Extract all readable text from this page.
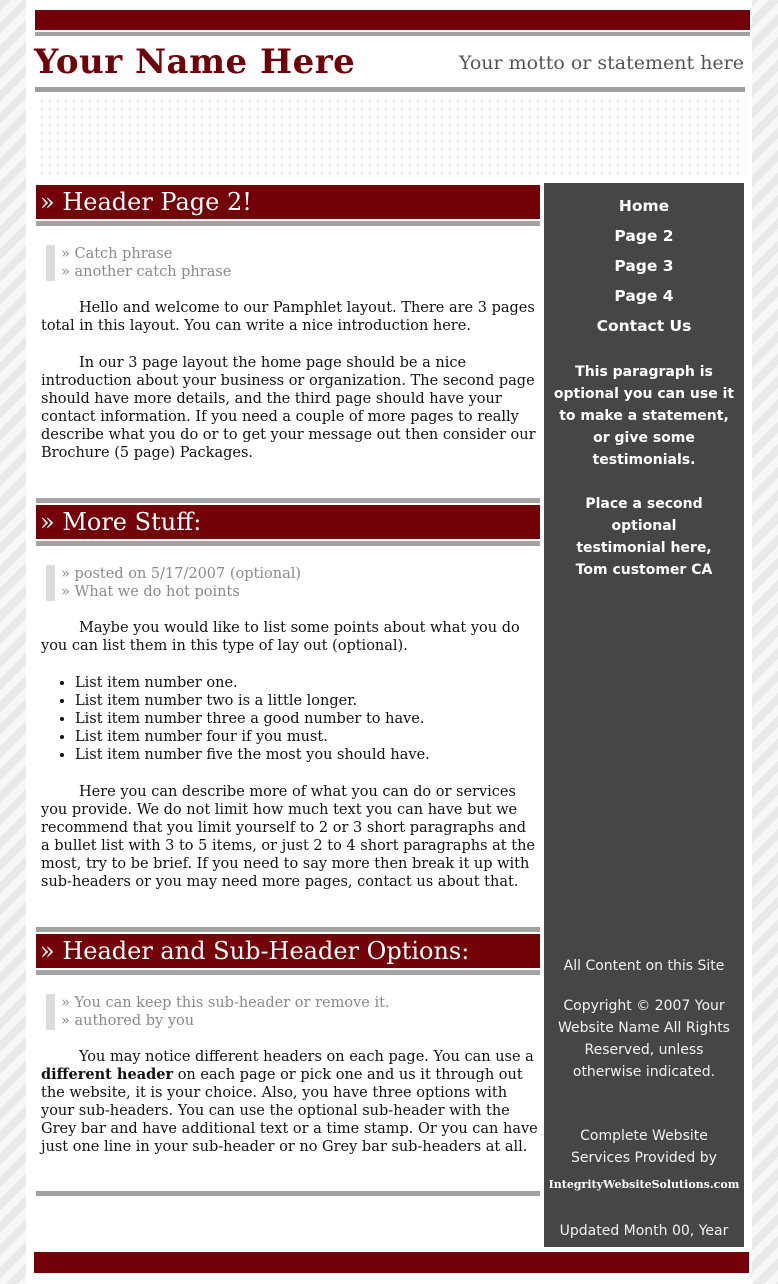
Your Name Here	Your motto or statement here
» Header Page 2!
» Catch phrase
» another catch phrase

Hello and welcome to our Pamphlet layout. There are 3 pages total in this layout. You can write a nice introduction here.

In our 3 page layout the home page should be a nice introduction about your business or organization. The second page should have more details, and the third page should have your contact information. If you need a couple of more pages to really describe what you do or to get your message out then consider our Brochure (5 page) Packages.

» More Stuff:
» posted on 5/17/2007 (optional)
» What we do hot points

Maybe you would like to list some points about what you do you can list them in this type of lay out (optional).

• List item number one.
• List item number two is a little longer.
• List item number three a good number to have.
• List item number four if you must.
• List item number five the most you should have.

Here you can describe more of what you can do or services you provide. We do not limit how much text you can have but we recommend that you limit yourself to 2 or 3 short paragraphs and a bullet list with 3 to 5 items, or just 2 to 4 short paragraphs at the most, try to be brief. If you need to say more then break it up with sub-headers or you may need more pages, contact us about that.

» Header and Sub-Header Options:
» You can keep this sub-header or remove it.
» authored by you

You may notice different headers on each page. You can use a different header on each page or pick one and us it through out the website, it is your choice. Also, you have three options with your sub-headers. You can use the optional sub-header with the Grey bar and have additional text or a time stamp. Or you can have just one line in your sub-header or no Grey bar sub-headers at all.

Home
Page 2
Page 3
Page 4
Contact Us
This paragraph is optional you can use it to make a statement, or give some testimonials.
Place a second optional testimonial here,
Tom customer CA
All Content on this Site
Copyright © 2007 Your Website Name All Rights Reserved, unless otherwise indicated.
Complete Website Services Provided by
IntegrityWebsiteSolutions.com
Updated Month 00, Year
